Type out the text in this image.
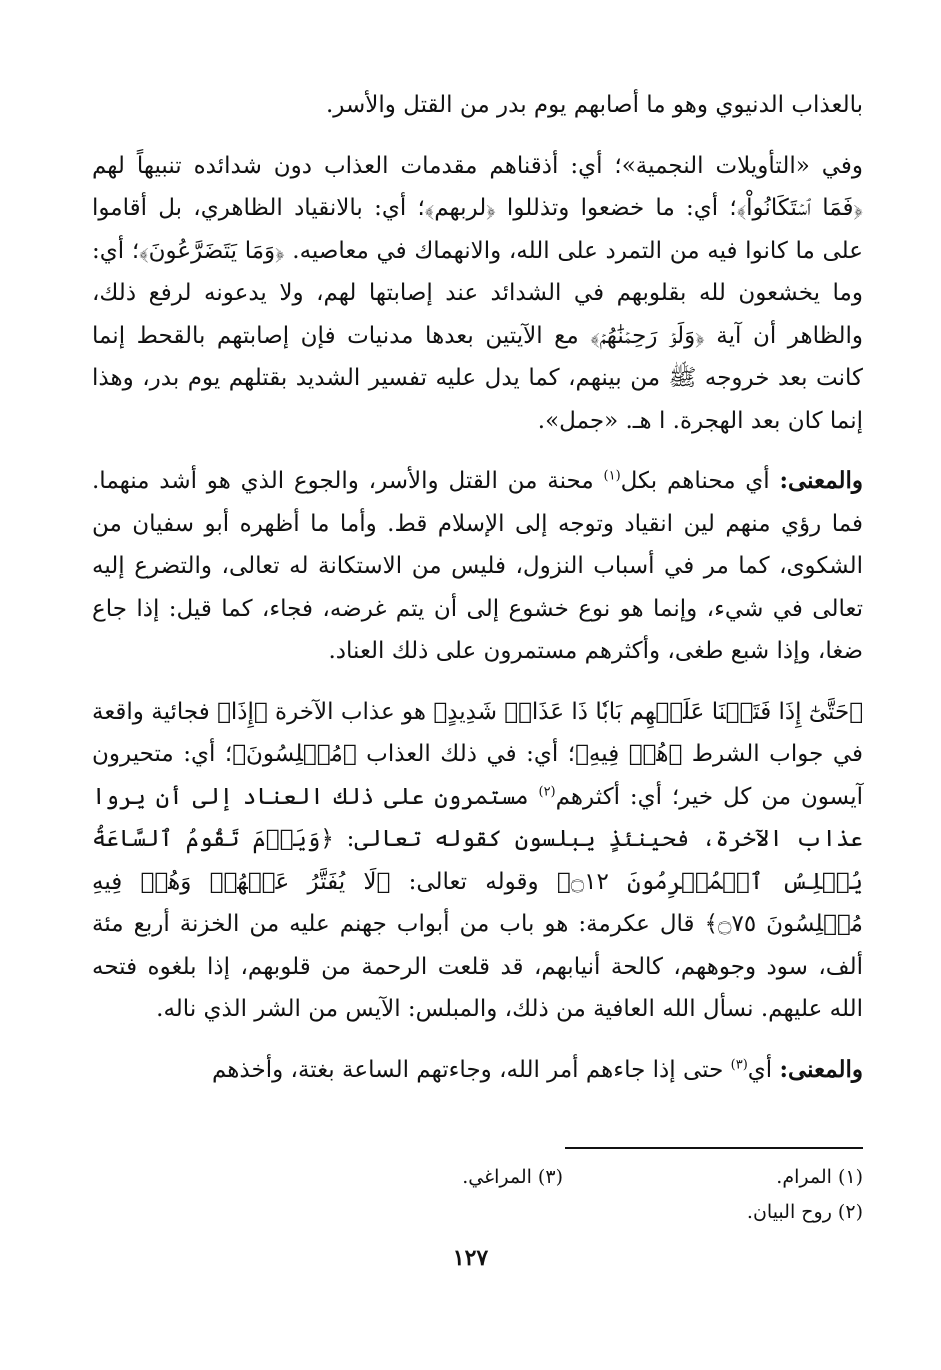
بالعذاب الدنيوي وهو ما أصابهم يوم بدر من القتل والأسر.

وفي «التأويلات النجمية»؛ أي: أذقناهم مقدمات العذاب دون شدائده تنبيهاً لهم ﴿فَمَا ٱسۡتَكَانُواْ﴾؛ أي: ما خضعوا وتذللوا ﴿لربهم﴾؛ أي: بالانقياد الظاهري، بل أقاموا على ما كانوا فيه من التمرد على الله، والانهماك في معاصيه. ﴿وَمَا يَتَضَرَّعُونَ﴾؛ أي: وما يخشعون لله بقلوبهم في الشدائد عند إصابتها لهم، ولا يدعونه لرفع ذلك، والظاهر أن آية ﴿وَلَوۡ رَحِمۡنَٰهُمۡ﴾ مع الآيتين بعدها مدنيات فإن إصابتهم بالقحط إنما كانت بعد خروجه ﷺ من بينهم، كما يدل عليه تفسير الشديد بقتلهم يوم بدر، وهذا إنما كان بعد الهجرة. ا هـ. «جمل».

والمعنى: أي محناهم بكل$^{(١)}$ محنة من القتل والأسر، والجوع الذي هو أشد منهما. فما رؤي منهم لين انقياد وتوجه إلى الإسلام قط. وأما ما أظهره أبو سفيان من الشكوى، كما مر في أسباب النزول، فليس من الاستكانة له تعالى، والتضرع إليه تعالى في شيء، وإنما هو نوع خشوع إلى أن يتم غرضه، فجاء، كما قيل: إذا جاع ضغا، وإذا شبع طغى، وأكثرهم مستمرون على ذلك العناد.

﴿حَتَّىٰٓ إِذَا فَتَحۡنَا عَلَيۡهِم بَابٗا ذَا عَذَابٖ شَدِيدٍ﴾ هو عذاب الآخرة ﴿إِذَا﴾ فجائية واقعة في جواب الشرط ﴿هُمۡ فِيهِ﴾؛ أي: في ذلك العذاب ﴿مُبۡلِسُونَ﴾؛ أي: متحيرون آيسون من كل خير؛ أي: أكثرهم$^{(٢)}$ مستمرون على ذلك العناد إلى أن يروا عذاب الآخرة، فحينئذٍ يبلسون كقوله تعالى: ﴿وَيَوۡمَ تَقُومُ ٱلسَّاعَةُ يُبۡلِسُ ٱلۡمُجۡرِمُونَ ۝١٢﴾ وقوله تعالى: ﴿لَا يُفَتَّرُ عَنۡهُمۡ وَهُمۡ فِيهِ مُبۡلِسُونَ ۝٧٥﴾ قال عكرمة: هو باب من أبواب جهنم عليه من الخزنة أربع مئة ألف، سود وجوههم، كالحة أنيابهم، قد قلعت الرحمة من قلوبهم، إذا بلغوه فتحه الله عليهم. نسأل الله العافية من ذلك، والمبلس: الآيس من الشر الذي ناله.

والمعنى: أي$^{(٣)}$ حتى إذا جاءهم أمر الله، وجاءتهم الساعة بغتة، وأخذهم

(١) المرام.
(٣) المراغي.
(٢) روح البيان.
١٢٧
